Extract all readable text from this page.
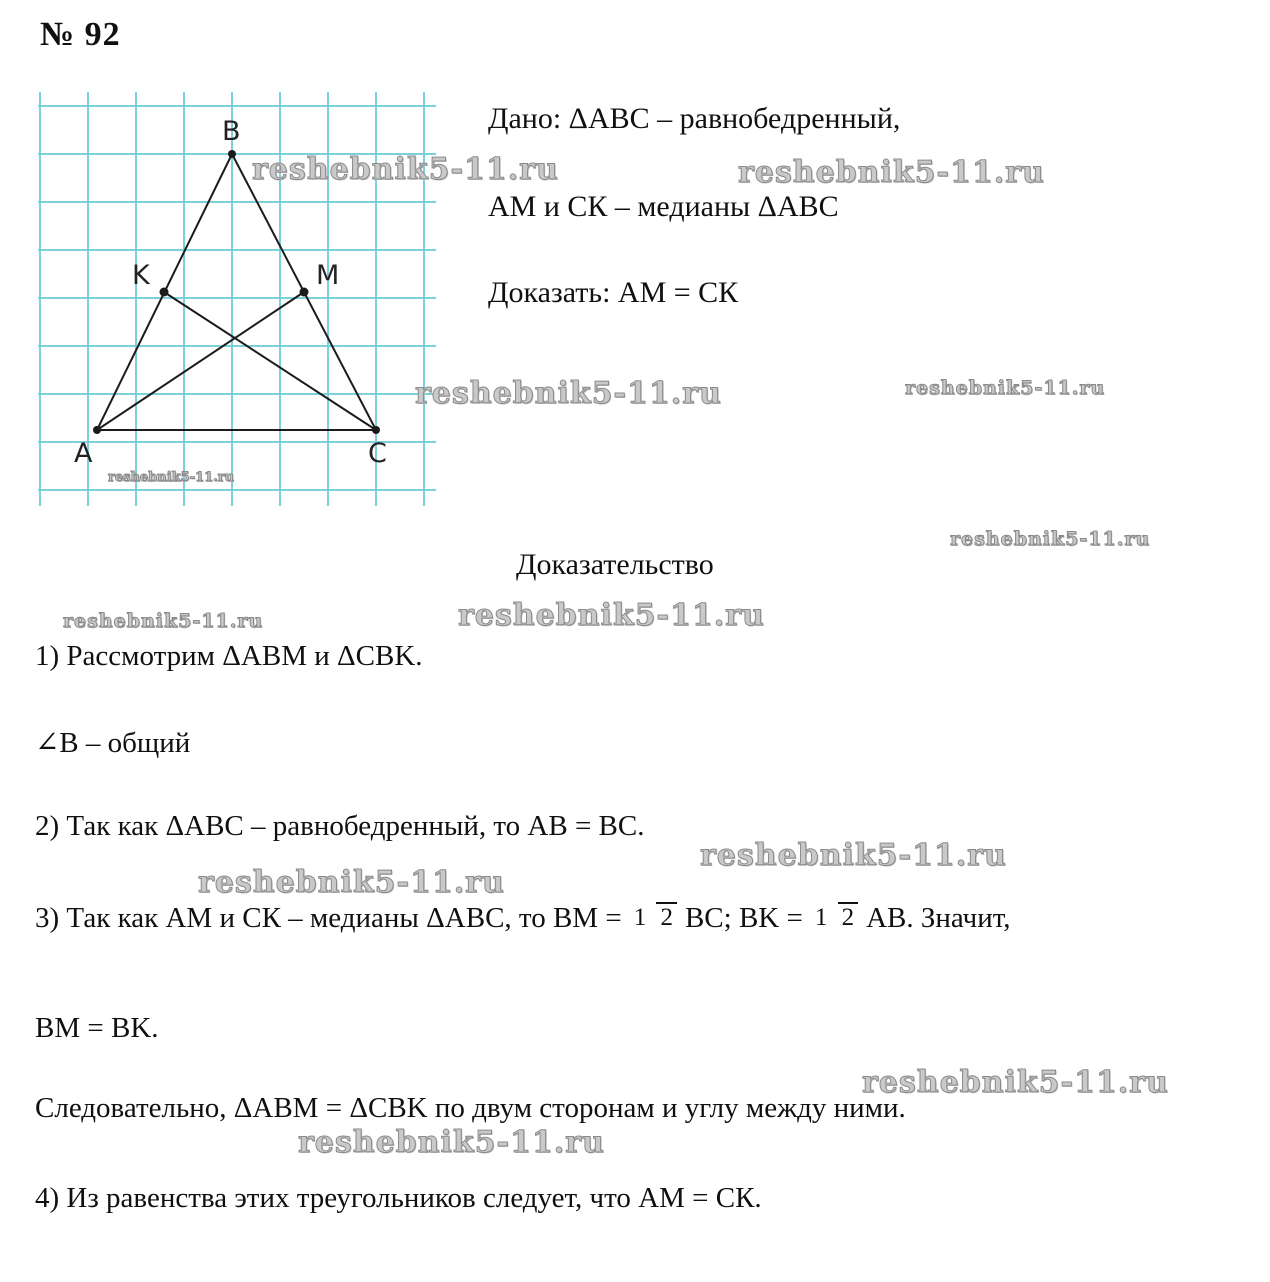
№ 92
B
K	M
A	C
Дано: ΔABC – равнобедренный,
АМ и СК – медианы ΔABC
Доказать: АМ = СК
Доказательство
1) Рассмотрим ΔABM и ΔCBK.
∠B – общий
2) Так как ΔABC – равнобедренный, то AB = BC.
3) Так как АМ и СК – медианы ΔABC, то BM = 1 2 BC; BK = 1 2 AB. Значит,
BM = BK.
Следовательно, ΔABM = ΔCBK по двум сторонам и углу между ними.
4) Из равенства этих треугольников следует, что АМ = СК.
reshebnik5-11.ru	reshebnik5-11.ru
reshebnik5-11.ru	reshebnik5-11.ru
reshebnik5-11.ru
reshebnik5-11.ru
reshebnik5-11.ru	reshebnik5-11.ru
reshebnik5-11.ru
reshebnik5-11.ru
reshebnik5-11.ru
reshebnik5-11.ru
